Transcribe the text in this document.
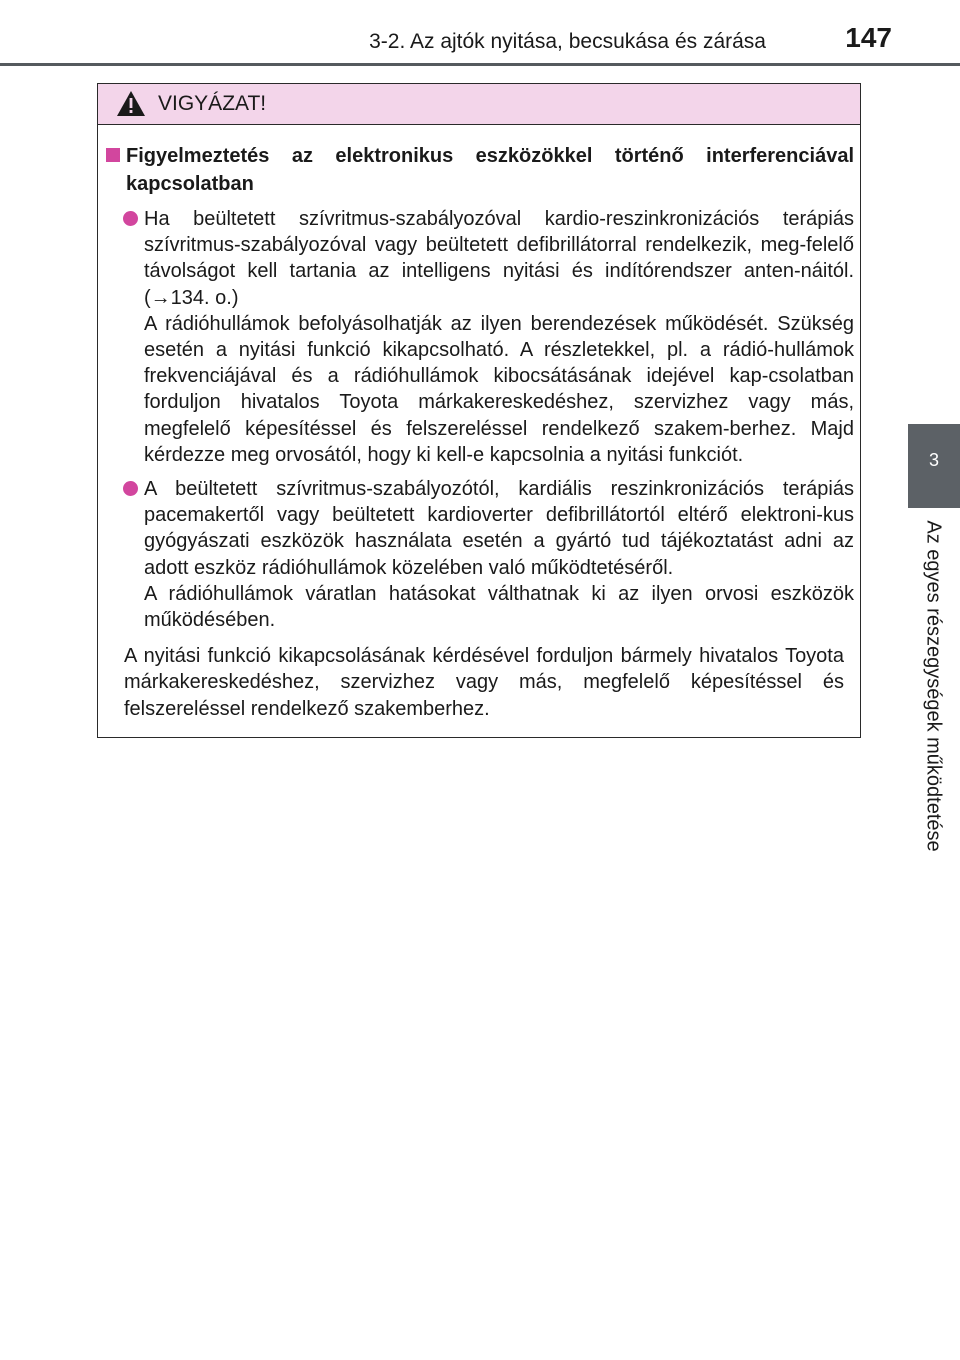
3-2. Az ajtók nyitása, becsukása és zárása	147
3
Az egyes részegységek működtetése
VIGYÁZAT!
Figyelmeztetés az elektronikus eszközökkel történő interferenciával kapcsolatban

Ha beültetett szívritmus-szabályozóval kardio-reszinkronizációs terápiás szívritmus-szabályozóval vagy beültetett defibrillátorral rendelkezik, meg-felelő távolságot kell tartania az intelligens nyitási és indítórendszer anten-náitól. (→134. o.)

A rádióhullámok befolyásolhatják az ilyen berendezések működését. Szükség esetén a nyitási funkció kikapcsolható. A részletekkel, pl. a rádió-hullámok frekvenciájával és a rádióhullámok kibocsátásának idejével kap-csolatban forduljon hivatalos Toyota márkakereskedéshez, szervizhez vagy más, megfelelő képesítéssel és felszereléssel rendelkező szakem-berhez. Majd kérdezze meg orvosától, hogy ki kell-e kapcsolnia a nyitási funkciót.

A beültetett szívritmus-szabályozótól, kardiális reszinkronizációs terápiás pacemakertől vagy beültetett kardioverter defibrillátortól eltérő elektroni-kus gyógyászati eszközök használata esetén a gyártó tud tájékoztatást adni az adott eszköz rádióhullámok közelében való működtetéséről.

A rádióhullámok váratlan hatásokat válthatnak ki az ilyen orvosi eszközök működésében.

A nyitási funkció kikapcsolásának kérdésével forduljon bármely hivatalos Toyota márkakereskedéshez, szervizhez vagy más, megfelelő képesítéssel és felszereléssel rendelkező szakemberhez.
